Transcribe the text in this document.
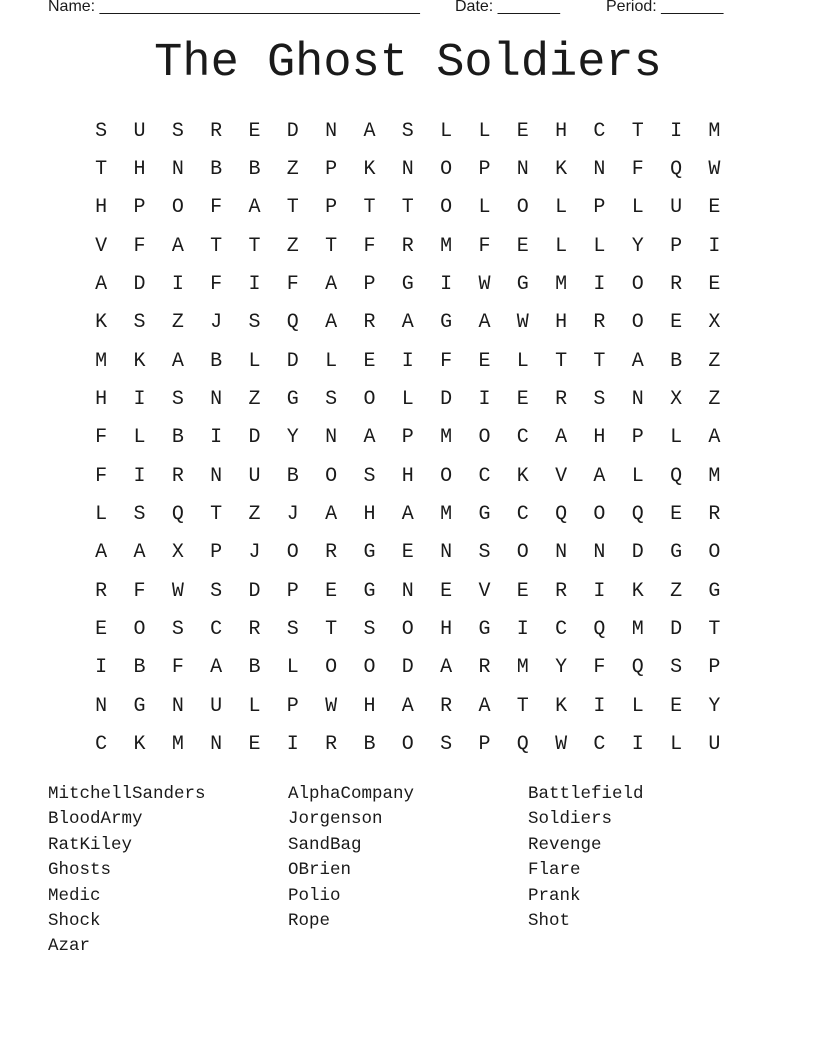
Name: ____________________________________ Date: _______	Period: _______
The Ghost Soldiers
S	U	S	R	E	D	N	A	S	L	L	E	H	C	T	I	M
T	H	N	B	B	Z	P	K	N	O	P	N	K	N	F	Q	W
H	P	O	F	A	T	P	T	T	O	L	O	L	P	L	U	E
V	F	A	T	T	Z	T	F	R	M	F	E	L	L	Y	P	I
A	D	I	F	I	F	A	P	G	I	W	G	M	I	O	R	E
K	S	Z	J	S	Q	A	R	A	G	A	W	H	R	O	E	X
M	K	A	B	L	D	L	E	I	F	E	L	T	T	A	B	Z
H	I	S	N	Z	G	S	O	L	D	I	E	R	S	N	X	Z
F	L	B	I	D	Y	N	A	P	M	O	C	A	H	P	L	A
F	I	R	N	U	B	O	S	H	O	C	K	V	A	L	Q	M
L	S	Q	T	Z	J	A	H	A	M	G	C	Q	O	Q	E	R
A	A	X	P	J	O	R	G	E	N	S	O	N	N	D	G	O
R	F	W	S	D	P	E	G	N	E	V	E	R	I	K	Z	G
E	O	S	C	R	S	T	S	O	H	G	I	C	Q	M	D	T
I	B	F	A	B	L	O	O	D	A	R	M	Y	F	Q	S	P
N	G	N	U	L	P	W	H	A	R	A	T	K	I	L	E	Y
C	K	M	N	E	I	R	B	O	S	P	Q	W	C	I	L	U
MitchellSanders
BloodArmy
RatKiley
Ghosts
Medic
Shock
Azar
AlphaCompany
Jorgenson
SandBag
OBrien
Polio
Rope
Battlefield
Soldiers
Revenge
Flare
Prank
Shot
